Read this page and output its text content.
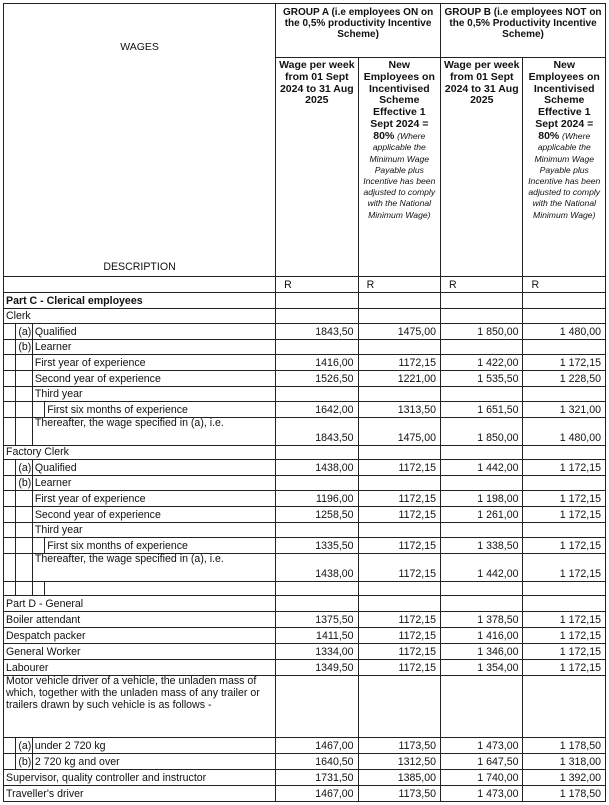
WAGES
DESCRIPTION				GROUP A (i.e employees ON on the 0,5% productivity Incentive Scheme)		GROUP B (i.e employees NOT on the 0,5% Productivity Incentive Scheme)	
				Wage per week from 01 Sept 2024 to 31 Aug 2025	New Employees on Incentivised Scheme Effective 1 Sept 2024 = 80% (Where applicable the Minimum Wage Payable plus Incentive has been adjusted to comply with the National Minimum Wage)	Wage per week from 01 Sept 2024 to 31 Aug 2025	New Employees on Incentivised Scheme Effective 1 Sept 2024 = 80% (Where applicable the Minimum Wage Payable plus Incentive has been adjusted to comply with the National Minimum Wage)
				R	R	R	R
Part C - Clerical employees							
Clerk							
	(a)	Qualified		1843,50	1475,00	1 850,00	1 480,00
	(b)	Learner					
		First year of experience		1416,00	1172,15	1 422,00	1 172,15
		Second year of experience		1526,50	1221,00	1 535,50	1 228,50
		Third year					
			First six months of experience	1642,00	1313,50	1 651,50	1 321,00
		Thereafter, the wage specified in (a), i.e.		1843,50	1475,00	1 850,00	1 480,00
Factory Clerk							
	(a)	Qualified		1438,00	1172,15	1 442,00	1 172,15
	(b)	Learner					
		First year of experience		1196,00	1172,15	1 198,00	1 172,15
		Second year of experience		1258,50	1172,15	1 261,00	1 172,15
		Third year					
			First six months of experience	1335,50	1172,15	1 338,50	1 172,15
		Thereafter, the wage specified in (a), i.e.		1438,00	1172,15	1 442,00	1 172,15

Part D - General							
Boiler attendant				1375,50	1172,15	1 378,50	1 172,15
Despatch packer				1411,50	1172,15	1 416,00	1 172,15
General Worker				1334,00	1172,15	1 346,00	1 172,15
Labourer				1349,50	1172,15	1 354,00	1 172,15
Motor vehicle driver of a vehicle, the unladen mass of which, together with the unladen mass of any trailer or trailers drawn by such vehicle is as follows -							
	(a)	under 2 720 kg		1467,00	1173,50	1 473,00	1 178,50
	(b)	2 720 kg and over		1640,50	1312,50	1 647,50	1 318,00
Supervisor, quality controller and instructor				1731,50	1385,00	1 740,00	1 392,00
Traveller's driver				1467,00	1173,50	1 473,00	1 178,50
